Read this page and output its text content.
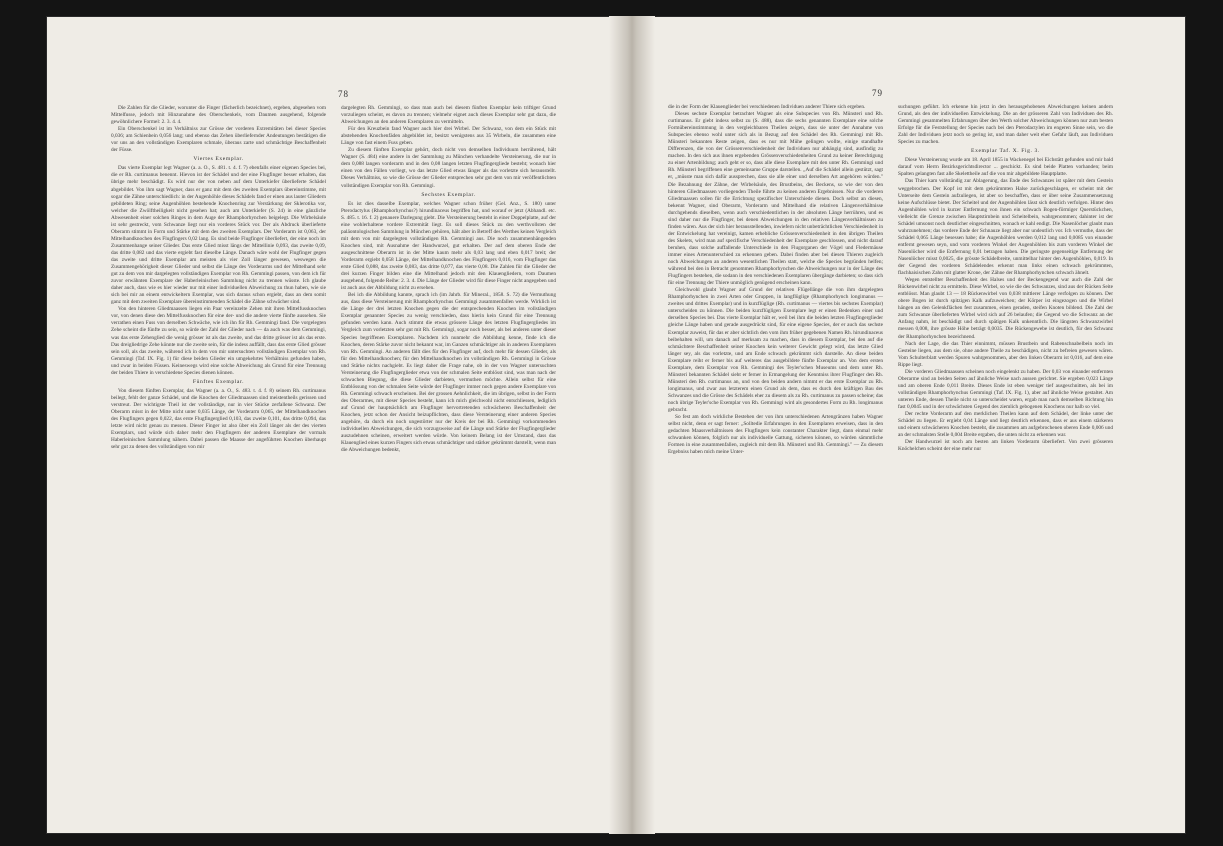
78	79

Die Zahlen für die Glieder, worunter die Finger (fächerlich bezeichnet), ergeben, abgesehen vom Mittelfusse, jedoch mit Hinzunahme des Oberschenkels, vom Daumen ausgehend, folgende gewöhnlichere Formel: 2. 3. 4. 4.

Ein Oberschenkel ist im Verhältniss zur Grösse der vorderen Extremitäten bei dieser Species 0,036; am Schienbein 0,056 lang; und ebenso das Zehen überliefernder Andeutungen bestätigen die vor uns an den vollständigen Exemplaren schmale, überaus zarte und schmächtige Beschaffenheit der Füsse.

Viertes Exemplar.

Das vierte Exemplar legt Wagner (a. a. O., S. 481. t. 4. f. 7) ebenfalls einer eigenen Species bei, die er Rh. curtimanus benennt. Hievon ist der Schädel und der eine Flugfinger besser erhalten, das übrige mehr beschädigt. Es wird nur der von neben auf dem Unterkiefer überlieferte Schädel abgebildet. Von ihm sagt Wagner, dass er ganz mit dem des zweiten Exemplars übereinstimme, mit sogar die Zähne unterschiedlich: in der Augenhöhle dieses Schädels fand er einen aus lauter Gliedern gebildeten Ring; seine Augenhöhlen bestehende Knochenring zur Verstärkung der Sklerotika vor, welcher die Zwölftheiligkeit nicht gesehen hat; auch am Unterkiefer (S. 24) in eine gänzliche Abwesenheit einer solchen Ringes in dem Auge der Rhamphorhynchen beigelegt. Die Wirbelsäule ist sehr gestreckt, vom Schwanze liegt nur ein vorderes Stück vor. Der als Abdruck überlieferte Oberarm stimmt in Form und Stärke mit dem des zweiten Exemplars. Der Vorderarm ist 0,063, der Mittelhandknochen des Flugfingers 0,02 lang. Es sind beide Flugfinger überliefert, der eine noch im Zusammenhange seiner Glieder. Das erste Glied misst längs der Mittellinie 0,093, das zweite 0,09, das dritte 0,082 und das vierte ergiebt fast dieselbe Länge. Danach wäre wohl der Flugfinger gegen das zweite und dritte Exemplar am meisten als vier Zoll länger gewesen, weswegen die Zusammengehörigkeit dieser Glieder und selbst die Länge des Vorderarms und der Mittelhand sehr gut zu dem von mir dargelegten vollständigen Exemplar von Rh. Gemmingi passen, von dem ich für zuvor erwähnten Exemplare der Haberleinischen Sammlung nicht zu trennen wüsste. Ich glaube daher auch, dass wie es hier wieder nur mit einer individuellen Abweichung zu thun haben, wie sie sich bei mir an einem entwickeltern Exemplar, was sich daraus schon ergiebt, dass an dem somit ganz mit dem zweiten Exemplare übereinstimmenden Schädel die Zähne schwächer sind.

Von den hinteren Gliedmaassen liegen ein Paar vereinzelte Zehen mit ihren Mittelfussknochen vor, von denen diese den Mittelfussknochen für eine der- und die andere vierte fünfte aussehen. Sie verrathen einen Fuss von derselben Schwäche, wie ich ihn für Rh. Gemmingi fand. Die vorgelegten Zehe scheint die fünfte zu sein, so würde der Zahl der Glieder nach — da auch was dem Gemmingi, was das erste Zehenglied die wenig grösser ist als das zweite, und das dritte grösser ist als das erste. Das dreigliedrige Zehe könnte nur die zweite sein, für die indess auffällt, dass das erste Glied grösser sein soll, als das zweite, während ich in dem von mir untersuchten vollständigen Exemplar von Rh. Gemmingi (Taf. IX. Fig. 1) für diese beiden Glieder ein umgekehrtes Verhältniss gefunden haben, und zwar in beiden Füssen. Keineswegs wird eine solche Abweichung als Grund für eine Trennung der beiden Thiere in verschiedene Species dienen können.

Fünftes Exemplar.

Von diesem fünften Exemplar, das Wagner (a. a. O., S. 483. t. 4. f. 8) seinem Rh. curtimanus beilegt, fehlt der ganze Schädel, und die Knochen der Gliedmaassen sind meistentheils gerissen und verstreut. Der wichtigste Theil ist der vollständige, nur in vier Stücke zerfallene Schwanz. Der Oberarm misst in der Mitte nicht unter 0,035 Länge, der Vorderarm 0,065, der Mittelhandknochen des Flugfingers gegen 0,022, das erste Flugfingerglied 0,103, das zweite 0,101, das dritte 0,094, das letzte wird nicht genau zu messen. Dieser Finger ist also über ein Zoll länger als der des vierten Exemplars, und würde sich daher mehr den Flugfingern der anderen Exemplare der vormals Haberleinischen Sammlung nähern. Dabei passen die Maasse der angeführten Knochen überhaupt sehr gut zu denen des vollständigen von mir

dargelegten Rh. Gemmingi, so dass man auch bei diesem fünften Exemplar kein triftiger Grund vorzuliegen scheint, es davon zu trennen; vielmehr eignet auch dieses Exemplar sehr gut dazu, die Abweichungen an den anderen Exemplaren zu vermitteln.

Für den Kreuzbein fand Wagner auch hier drei Wirbel. Der Schwanz, von dem ein Stück mit abstehenden Knochenfäden abgebildet ist, besitzt wenigstens aus 35 Wirbeln, die zusammen eine Länge von fast einem Fuss geben.

Zu diesem fünften Exemplar gehört, doch nicht von demselben Individuum herrührend, hält Wagner (S. 484) eine andere in der Sammlung zu München verhandelte Versteinerung, die nur in dem 0,088 langen vorderarm und in den 0,08 langen letzten Flugfingergliede besteht; wonach hier einen von den Fällen vorliegt, wo das letzte Glied etwas länger als das vorletzte sich herausstellt. Dieses Verhältniss, so wie die Grösse der Glieder entsprechen sehr gut dem von mir veröffentlichten vollständigen Exemplar von Rh. Gemmingi.

Sechstes Exemplar.

Es ist dies dasselbe Exemplar, welches Wagner schon früher (Gel. Anz., S. 180) unter Pterodactylus (Rhamphorhynchus?) hirundinaceus begriffen hat, und worauf er jetzt (Abhandl. etc. S. 485. t. 16. f. 2) genauere Darlegung giebt. Die Versteinerung besteht in einer Doppelplatte, auf der eine wohlerhaltene vordere Extremität liegt. Es soll dieses Stück zu den werthvollsten der paläontologischen Sammlung in München gehören, hält aber in Betreff des Werthes keinen Vergleich mit dem von mir dargelegten vollständigen Rh. Gemmingi aus. Die noch zusammenhängenden Knochen sind, mit Ausnahme der Handwurzel, gut erhalten. Der auf dem oberen Ende der ausgeschnittene Oberarm ist in der Mitte kaum mehr als 0,03 lang und eben 0,017 breit; der Vorderarm ergiebt 0,058 Länge, der Mittelhandknochen des Flugfingers 0,016, vom Flugfinger das erste Glied 0,088, das zweite 0,083, das dritte 0,077, das vierte 0,08. Die Zahlen für die Glieder der drei kurzen Finger bilden eine die Mittelhand jedoch mit den Klauengliedern, vom Daumen ausgehend, folgende Reihe: 2. 3. 4. Die Länge der Glieder wird für diese Finger nicht angegeben und ist auch aus der Abbildung nicht zu ersehen.

Bei ich die Abbildung kannte, sprach ich (im Jahrb. für Mineral., 1858. S. 72) die Vermuthung aus, dass diese Versteinerung mit Rhamphorhynchus Gemmingi zusammenfallen werde. Wirklich ist die Länge der drei letzten Knochen gegen die der entsprechenden Knochen im vollständigen Exemplar genannter Species zu wenig verschieden, dass hierin kein Grund für eine Trennung gefunden werden kann. Auch stimmt die etwas grössere Länge des letzten Flugfingergliedes im Vergleich zum vorletzten sehr gut mit Rh. Gemmingi, sogar noch besser, als bei anderen unter dieser Species begriffenen Exemplaren. Nachdem ich nunmehr die Abbildung kenne, finde ich die Knochen, deren Stärke zuvor nicht bekannt war, im Ganzen schmächtiger als in anderen Exemplaren von Rh. Gemmingi. An anderen fällt dies für den Flugfinger auf, doch mehr für dessen Glieder, als für den Mittelhandknochen; für den Mittelhandknochen im vollständigen Rh. Gemmingi in Grösse und Stärke nichts nachgiebt. Es liegt daher die Frage nahe, ob in der von Wagner untersuchten Versteinerung die Flugfingerglieder etwa von der schmalen Seite entblösst sind, was man nach der schwachen Biegung, die diese Glieder darbieten, vermuthen möchte. Allein selbst für eine Entblössung von der schmalen Seite würde der Flugfinger immer noch gegen andere Exemplare von Rh. Gemmingi schwach erscheinen. Bei der grossen Aehnlichkeit, die im übrigen, selbst in der Form des Oberarmes, mit dieser Species besteht, kann ich mich gleichwohl nicht entschliessen, lediglich auf Grund der hauptsächlich am Flugfinger hervortretenden schwächeren Beschaffenheit der Knochen, jetzt schon der Ansicht beizupflichten, dass diese Versteinerung einer anderen Species angehöre, da durch ein noch ungestörter nur der Kreis der bei Rh. Gemmingi vorkommenden individuellen Abweichungen, die sich vorzugsweise auf die Länge und Stärke der Flugfingerglieder auszudehnen scheinen, erweitert werden würde. Von keinem Belang ist der Umstand, dass das Klauenglied eines kurzen Fingers sich etwas schmächtiger und stärker gekrümmt darstellt, wenn man die Abweichungen bedenkt,

die in der Form der Klauenglieder bei verschiedenen Individuen anderer Thiere sich ergeben.

Dieses sechste Exemplar betrachtet Wagner als eine Subspecies von Rh. Münsteri und Rh. curtimanus. Er giebt indess selbst zu (S. 488), dass die sechs genannten Exemplare eine solche Formübereinstimmung in den vergleichbaren Theilen zeigen, dass sie unter der Annahme von Subspecies ebenso wohl unter sich als in Bezug auf den Schädel des Rh. Gemmingi mit Rh. Münsteri bekannten Reste zeigen, dass es nur mit Mühe gelingen wollte, einige standhafte Differenzen, die von der Grössenverschiedenheit der Individuen nur abhängig sind, ausfindig zu machen. In den sich aus ihnen ergebenden Grössenverschiedenheiten Grund zu keiner Berechtigung zu einer Artenbildung; auch geht er so, dass alle diese Exemplare mit den unter Rh. Gemmingi und Rh. Münsteri begriffenen eine gemeinsame Gruppe darstellen. „Auf die Schädel allein gestützt, sagt er, „müsste man sich dafür aussprechen, dass sie alle einer und derselben Art angehören würden." Die Bezahnung der Zähne, der Wirbelsäule, des Brustbeins, des Beckens, so wie der von den hinteren Gliedmaassen vorliegenden Theile führte zu keinen anderen Ergebnissen. Nur die vorderen Gliedmaassen sollen für die Errichtung spezifischer Unterschiede dienen. Doch selbst an diesen, bekennt Wagner, sind Oberarm, Vorderarm und Mittelhand die relativen Längenverhältnisse durchgehends dieselben, wenn auch verschiedentlichen in der absoluten Länge herrühren, und es sind daher nur die Flugfinger, bei denen Abweichungen in den relativen Längenverhältnissen zu finden wären. Aus der sich hier herausstellenden, inwiefern nicht unbeträchtlichen Verschiedenheit in der Entwickelung hat vereinigt, kamen erhebliche Grössenverschiedenheit in den übrigen Theilen des Skelets, wird man auf specifische Verschiedenheit der Exemplare geschlossen, und nicht darauf beruhen, dass solche auffallende Unterschiede in den Flugorganen der Vögel und Fledermäuse immer eines Artenunterschied zu erkennen geben. Dabei finden aber bei diesen Thieren zugleich noch Abweichungen an anderen wesentlichen Theilen statt, welche die Species begründen helfen; während bei den in Betracht genommen Rhamphorhynchen die Abweichungen nur in der Länge des Flugfingers bestehen, die sodann in den verschiedenen Exemplaren übergänge darbieten; so dass sich für eine Trennung der Thiere unmöglich genügend erscheinen kann.

Gleichwohl glaubt Wagner auf Grund der relativen Flügellänge die von ihm dargelegten Rhamphorhynchen in zwei Arten oder Gruppen, in langflüglige (Rhamphorhynch longimanus — zweites und drittes Exemplar) und in kurzflüglige (Rh. curtimanus — viertes bis sechstes Exemplar) unterscheiden zu können. Die beiden kurzflügligen Exemplare legt er einen Bedenken einer und derselben Species bei. Das vierte Exemplar hält er, weil bei ihm die beiden letzten Flugfingerglieder gleiche Länge haben und gerade ausgedrückt sind, für eine eigene Species, der er auch das sechste Exemplar zuweist, für das er aber sichtlich den vom ihm früher gegebenen Namen Rh. hirundinaceus beibehalten will, um danach auf merksam zu machen, dass in diesem Exemplar, bei den auf die schmächtere Beschaffenheit seiner Knochen kein weiterer Gewicht gelegt wird, das letzte Glied länger sey, als das vorletzte, und am Ende schwach gekrümmt sich darstelle. An diese beiden Exemplare reiht er ferner bis auf weiteres das ausgebildete fünfte Exemplar an. Von dem ersten Exemplare, dem Exemplar von Rh. Gemmingi des Teyler'schen Museums und dem unter Rh. Münsteri bekannten Schädel sieht er ferner in Ermangelung der Kenntniss ihrer Flugfinger den Rh. Münsteri den Rh. curtimanus an, und von den beiden andern nimmt er das erste Exemplar zu Rh. longimanus, und zwar aus letzterem einen Grund als dem, dass es durch den kräftigen Bau des Schwanzes und die Grösse des Schädels eher zu diesem als zu Rh. curtimanus zu passen scheine; das noch übrige Teyler'sche Exemplar von Rh. Gemmingi wird als gesondertes Form zu Rh. longimanus gebracht.

So fest am doch wirkliche Bestehen der von ihm unterschiedenen Artengränzen haben Wagner selbst nicht, denn er sagt ferner: „Solltedie Erfahrungen in den Exemplaren erweisen, dass in den gedachten Maassverhältnissen des Flugfingers kein constanter Charakter liegt, dann einmal mehr schwanken können, folglich nur als individuelle Gattung, sicheren können, so würden sämmtliche Formen in eine zusammenfallen, zugleich mit dem Rh. Münsteri und Rh. Gemmingi." — Zu diesem Ergebniss haben mich meine Unter-

suchungen geführt. Ich erkenne hin jetzt in den herausgehobenen Abweichungen keinen andern Grund, als den der individuellen Entwickelung. Die an der grösseren Zahl von Individuen des Rh. Gemmingi gesammelten Erfahrungen über den Werth solcher Abweichungen können nur zum besten Erfolge für die Feststellung der Species nach bei den Pterodactylen im engeren Sinne sein, wo die Zahl der Individuen jetzt noch so gering ist, und man daher weit eher Gefahr läuft, aus Individuen Species zu machen.

Exemplar Taf. X. Fig. 3.

Diese Versteinerung wurde am 18. April 1855 in Wackenegel bei Eichstätt gefunden und mir bald darauf vom Herrn Bezirksgerichtsdirector ... geschickt. Es sind beide Platten vorhanden; beim Spalten gelangten fast alle Skelettheile auf die von mir abgebildete Hauptplatte.

Das Thier kam vollständig zur Ablagerung, das Ende des Schwanzes ist später mit dem Gestein weggebrochen. Der Kopf ist mit dem gekrümmten Halse zurückgeschlagen, er scheint mit der Unterseite dem Gestein aufzuliegen, ist aber so beschaffen, dass er über seine Zusammensetzung keine Aufschlüsse bietet. Der Scheitel und der Augenhöhlen lässt sich deutlich verfolgen. Hinter den Augenhöhlen wird in kurzer Entfernung von ihnen ein schwach Bogen-förmiger Querstückchen, vielleicht die Grenze zwischen Hauptstirnbein und Scheitelbein, wahrgenommen; dahinter ist der Schädel umsonst noch deutlicher eingeschnitten, wonach er kahl endigt. Die Nasenlöcher glaubt man wahrzunehmen; das vordere Ende der Schnauze liegt aber nur undeutlich vor. Ich vermuthe, dass der Schädel 0,065 Länge besessen habe; die Augenhöhlen werden 0,012 lang und 0,0085 von einander entfernt gewesen seyn, und vom vorderen Winkel der Augenhöhlen bis zum vorderen Winkel der Nasenlöcher wird die Entfernung 0,01 betragen haben. Die geringste gegenseitige Entfernung der Nasenlöcher misst 0,0025, die grösste Schädelbreite, unmittelbar hinter den Augenhöhlen, 0,019. In der Gegend des vorderen Schädelendes erkennt man links einen schwach gekrümmten, flachhaisischen Zahn mit glatter Krone, der Zähne der Rhamphorhynchen schwach ähnelt.

Wegen entstellter Beschaffenheit des Halses und der Beckengegend war auch die Zahl der Rückenwirbel nicht zu ermitteln. Diese Wirbel, so wie die des Schwanzes, sind aus der Rücken Seite entblösst. Man glaubt 13 — 18 Rückenwirbel von 0,038 mittlerer Länge verfolgen zu können. Der obere Bogen ist durch spitzigen Kalk aufzuweichen; der Körper ist eingezogen und die Wirbel hängen an den Gelenkflächen fest zusammen, einen geraden, steifen Knoten bildend. Die Zahl der zum Schwanze überlieferten Wirbel wird sich auf 26 belaufen; die Gegend wo die Schwanz an der Anfang nahm, ist beschädigt und durch spätigen Kalk unkenntlich. Die längsten Schwanzwirbel messen 0,008, ihre grösste Höhe beträgt 0,0035. Die Rückengewebe ist deutlich, für den Schwanz der Rhamphorhynchen bezeichnend.

Nach der Lage, die das Thier einnimmt, müssen Brustbein und Rabenschnabelbein noch im Gesteine liegen, aus dem sie, ohne andere Theile zu beschädigen, nicht zu befreien gewesen wären. Vom Schulterblatt werden Spuren wahrgenommen, aber den linken Oberarm ist 0,016, auf dem eine Rippe liegt.

Die vorderen Gliedmaassen scheinen noch eingelenkt zu haben. Der 0,03 von einander entfernten Oberarme sind an beiden Seiten auf ähnliche Weise nach aussen gerichtet. Sie ergeben 0,023 Länge und am oberen Ende 0,011 Breite. Dieses Ende ist eben weniger tief ausgeschnitten, als bei im vollständigen Rhamphorhynchus Gemmingi (Taf. IX. Fig. 1), aber auf ähnliche Weise gestaltet. Am unteren Ende, dessen Theile nicht so unterscheidet waren, ergab man nach demselben Richtung hin fast 0,0045 und in der schwächsten Gegend des ziemlich gebogenen Knochens nur halb so viel.

Der rechte Vorderarm auf den merklichen Theilen kann auf dem Schädel, der linke unter der Schädel zu liegen. Er ergiebt 0,04 Länge und liegt deutlich erkennen, dass er aus einem stärkeren und einem schwächeren Knochen besteht, die zusammen am aufgebrochenen oberen Ende 0,006 und an der schmalsten Stelle 0,004 Breite ergaben, die unten nicht zu erkennen war.

Der Handwurzel ist noch am besten am linken Vorderarm überliefert. Von zwei grösseren Knöchelchen scheint der eine mehr nur
